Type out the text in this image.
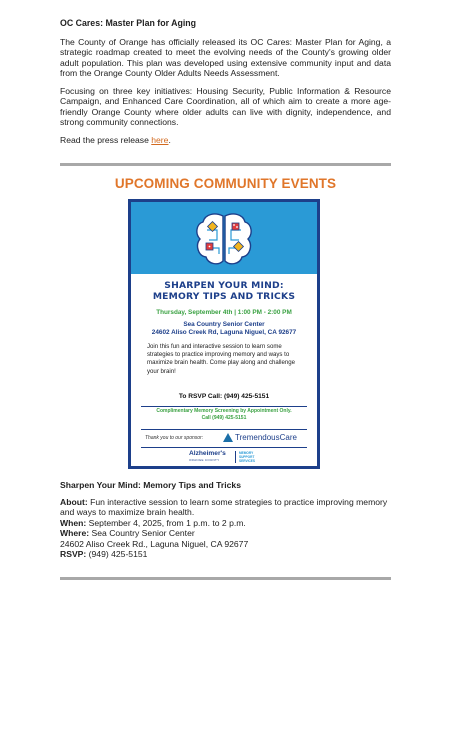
OC Cares: Master Plan for Aging

The County of Orange has officially released its OC Cares: Master Plan for Aging, a strategic roadmap created to meet the evolving needs of the County's growing older adult population. This plan was developed using extensive community input and data from the Orange County Older Adults Needs Assessment.

Focusing on three key initiatives: Housing Security, Public Information & Resource Campaign, and Enhanced Care Coordination, all of which aim to create a more age-friendly Orange County where older adults can live with dignity, independence, and strong community connections.

Read the press release here.

UPCOMING COMMUNITY EVENTS
SHARPEN YOUR MIND:
MEMORY TIPS AND TRICKS
Thursday, September 4th | 1:00 PM - 2:00 PM
Sea Country Senior Center
24602 Aliso Creek Rd, Laguna Niguel, CA 92677
Join this fun and interactive session to learn some strategies to practice improving memory and ways to maximize brain health. Come play along and challenge your brain!
To RSVP Call: (949) 425-5151
Complimentary Memory Screening by Appointment Only.
Call (949) 425-5151
Thank you to our sponsor:	TremendousCare
Alzheimer's
ORANGE COUNTY
MEMORY SUPPORT SERVICES
Sharpen Your Mind: Memory Tips and Tricks
About: Fun interactive session to learn some strategies to practice improving memory and ways to maximize brain health.
When: September 4, 2025, from 1 p.m. to 2 p.m.
Where: Sea Country Senior Center
24602 Aliso Creek Rd., Laguna Niguel, CA 92677
RSVP: (949) 425-5151
